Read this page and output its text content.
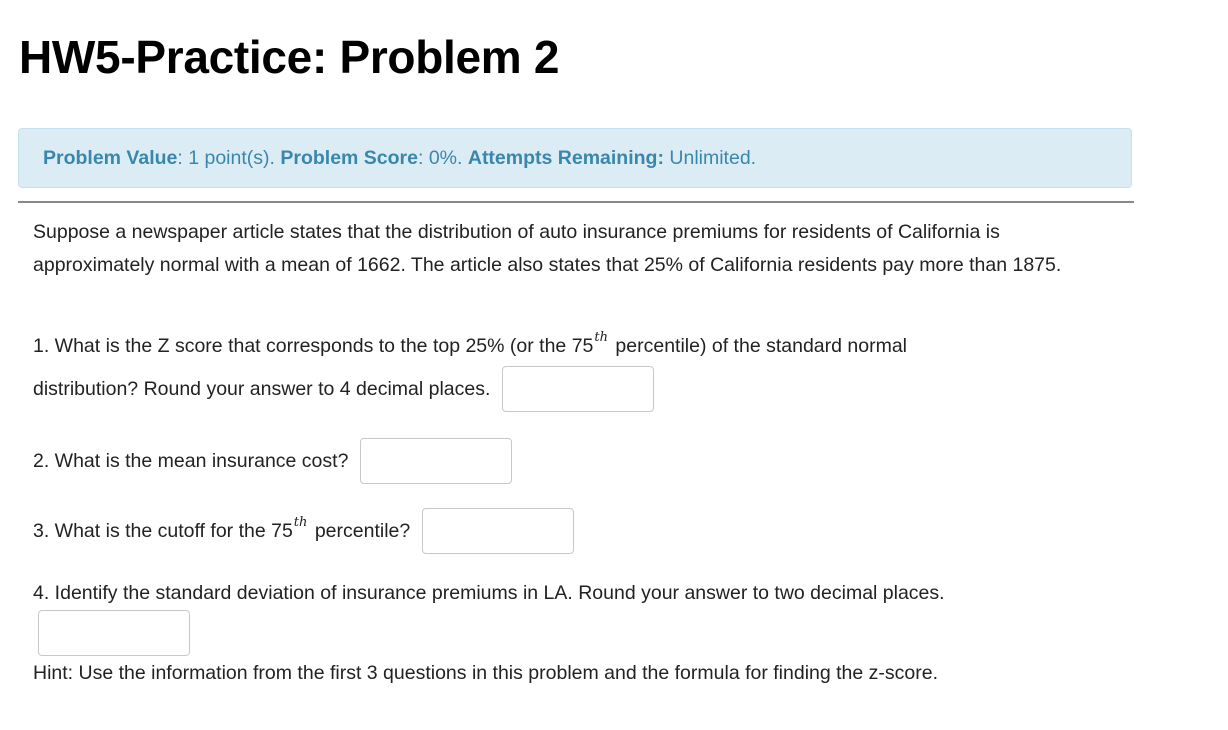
HW5-Practice: Problem 2
Problem Value: 1 point(s). Problem Score: 0%. Attempts Remaining: Unlimited.

Suppose a newspaper article states that the distribution of auto insurance premiums for residents of California is approximately normal with a mean of 1662. The article also states that 25% of California residents pay more than 1875.

1. What is the Z score that corresponds to the top 25% (or the 75 th percentile) of the standard normal
distribution? Round your answer to 4 decimal places.
2. What is the mean insurance cost?
3. What is the cutoff for the 75 th percentile?
4. Identify the standard deviation of insurance premiums in LA. Round your answer to two decimal places.
Hint: Use the information from the first 3 questions in this problem and the formula for finding the z-score.
